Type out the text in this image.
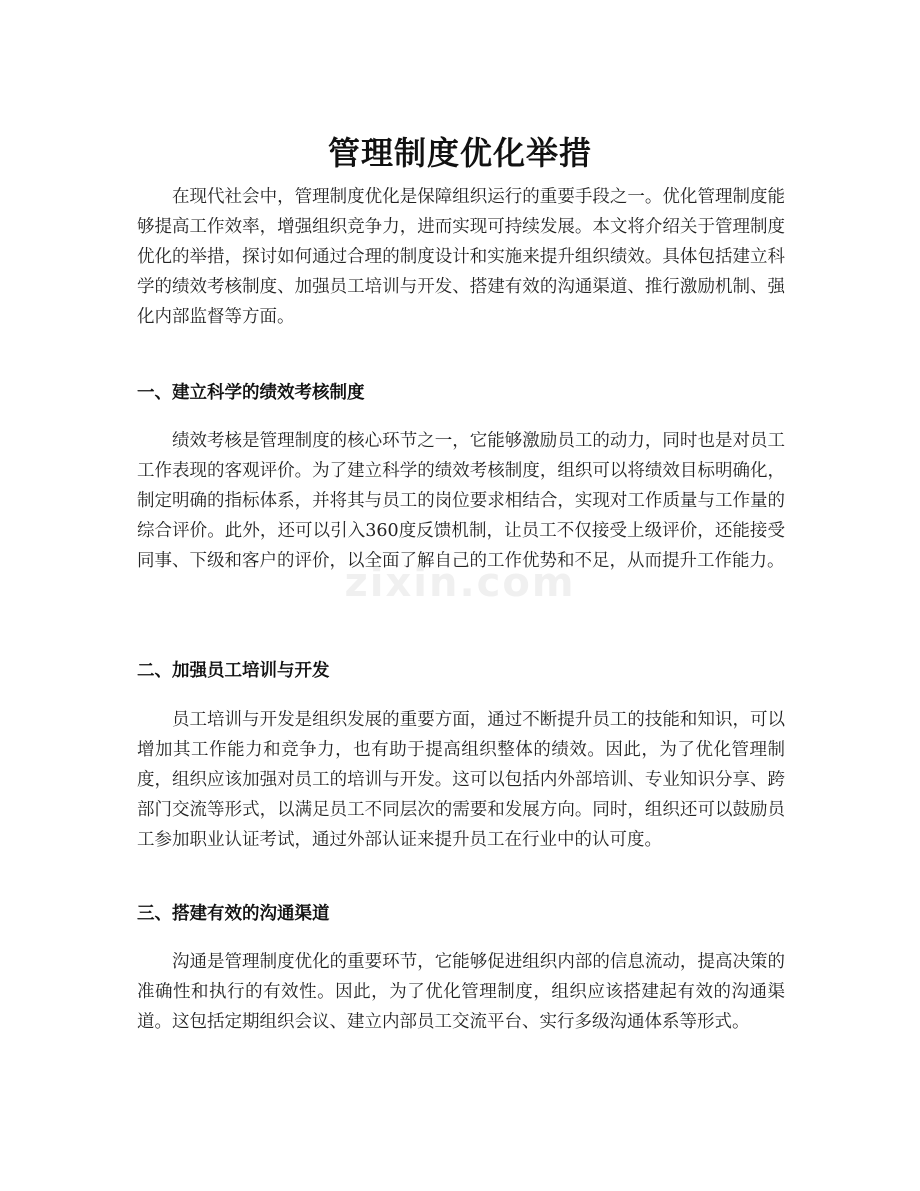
管理制度优化举措

在现代社会中，管理制度优化是保障组织运行的重要手段之一。优化管理制度能够提高工作效率，增强组织竞争力，进而实现可持续发展。本文将介绍关于管理制度优化的举措，探讨如何通过合理的制度设计和实施来提升组织绩效。具体包括建立科学的绩效考核制度、加强员工培训与开发、搭建有效的沟通渠道、推行激励机制、强化内部监督等方面。

一、建立科学的绩效考核制度

绩效考核是管理制度的核心环节之一，它能够激励员工的动力，同时也是对员工工作表现的客观评价。为了建立科学的绩效考核制度，组织可以将绩效目标明确化，制定明确的指标体系，并将其与员工的岗位要求相结合，实现对工作质量与工作量的综合评价。此外，还可以引入360度反馈机制，让员工不仅接受上级评价，还能接受同事、下级和客户的评价，以全面了解自己的工作优势和不足，从而提升工作能力。

二、加强员工培训与开发

员工培训与开发是组织发展的重要方面，通过不断提升员工的技能和知识，可以增加其工作能力和竞争力，也有助于提高组织整体的绩效。因此，为了优化管理制度，组织应该加强对员工的培训与开发。这可以包括内外部培训、专业知识分享、跨部门交流等形式，以满足员工不同层次的需要和发展方向。同时，组织还可以鼓励员工参加职业认证考试，通过外部认证来提升员工在行业中的认可度。

三、搭建有效的沟通渠道

沟通是管理制度优化的重要环节，它能够促进组织内部的信息流动，提高决策的准确性和执行的有效性。因此，为了优化管理制度，组织应该搭建起有效的沟通渠道。这包括定期组织会议、建立内部员工交流平台、实行多级沟通体系等形式。

zixin.com
